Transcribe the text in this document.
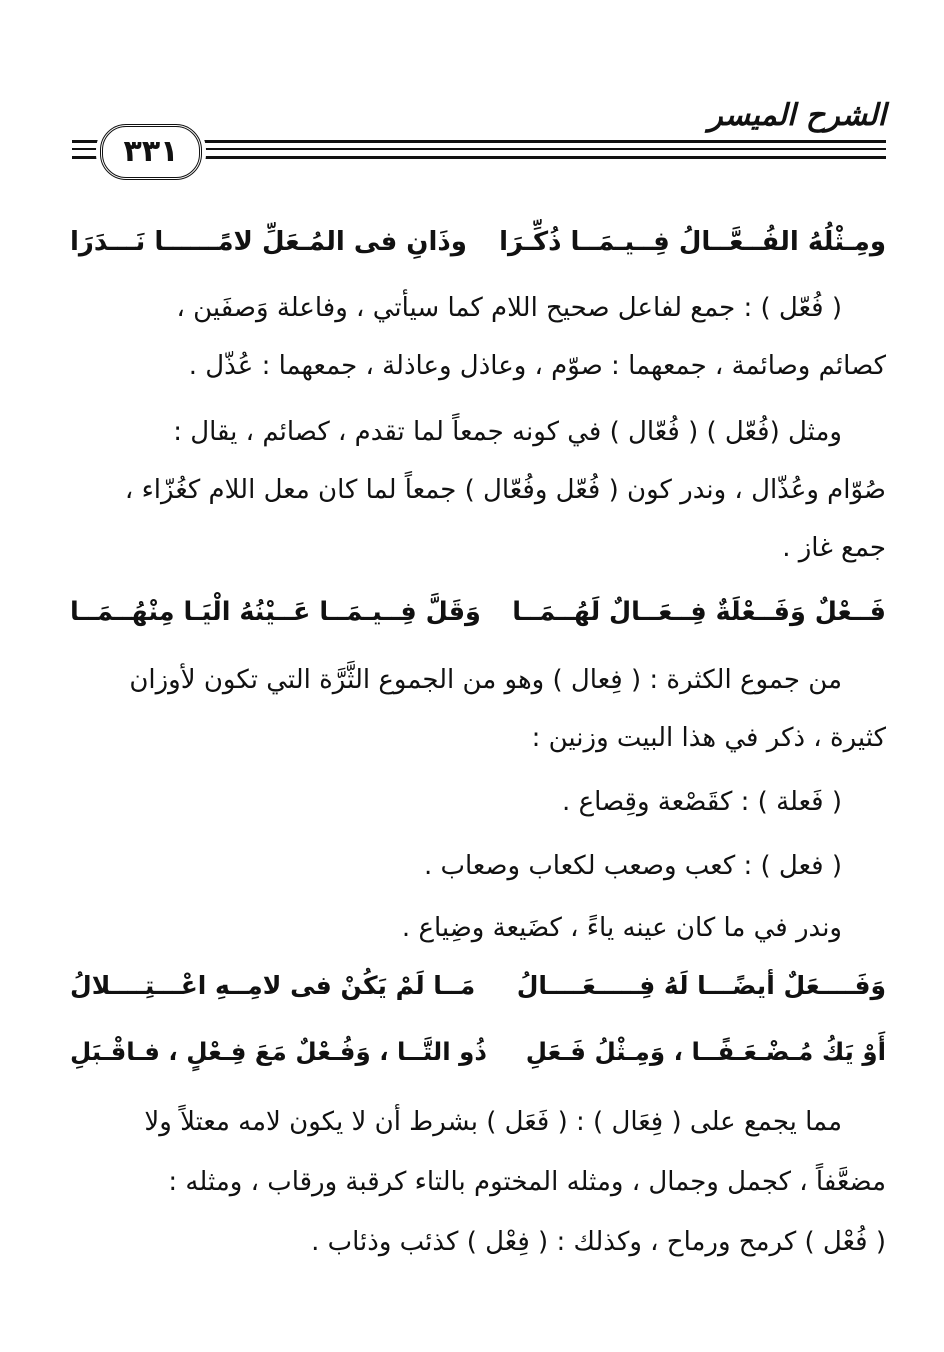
الشرح الميسر
٣٣١
ومِـثْلُهُ الفُــعَّــالُ فِــيـمَــا ذُكِّـرَا
وذَانِ فى المُـعَلِّ لامًــــــا نَـــدَرَا
( فُعّل ) : جمع لفاعل صحيح اللام كما سيأتي ، وفاعلة وَصفَين ،
كصائم وصائمة ، جمعهما : صوّم ، وعاذل وعاذلة ، جمعهما : عُذّل .
ومثل (فُعّل ) ( فُعّال ) في كونه جمعاً لما تقدم ، كصائم ، يقال :
صُوّام وعُذّال ، وندر كون ( فُعّل وفُعّال ) جمعاً لما كان معل اللام كغُزّاء ،
جمع غاز .
فَــعْلٌ وَفَــعْلَةٌ فِــعَــالٌ لَهُــمَــا
وَقَلَّ فِــيـمَــا عَــيْنُهُ الْيَـا مِنْهُــمَــا
من جموع الكثرة : ( فِعال ) وهو من الجموع الثَّرَّة التي تكون لأوزان
كثيرة ، ذكر في هذا البيت وزنين :
( فَعلة ) : كقَصْعة وقِصاع .
( فعل ) : كعب وصعب لكعاب وصعاب .
وندر في ما كان عينه ياءً ، كضَيعة وضِياع .
وَفَــــعَلٌ أيضًـــا لَهُ فِـــــعَــــالُ
مَــا لَمْ يَكُنْ فى لامِــهِ اعْـــتِــــلالُ
أَوْ يَكُ مُـضْـعَـفًــا ، وَمِـثْلُ فَـعَلِ
ذُو التَّــا ، وَفُـعْلٌ مَعَ فِـعْلٍ ، فـاقْـبَلِ
مما يجمع على ( فِعَال ) : ( فَعَل ) بشرط أن لا يكون لامه معتلاً ولا
مضعَّفاً ، كجمل وجمال ، ومثله المختوم بالتاء كرقبة ورقاب ، ومثله :
( فُعْل ) كرمح ورماح ، وكذلك : ( فِعْل ) كذئب وذئاب .
